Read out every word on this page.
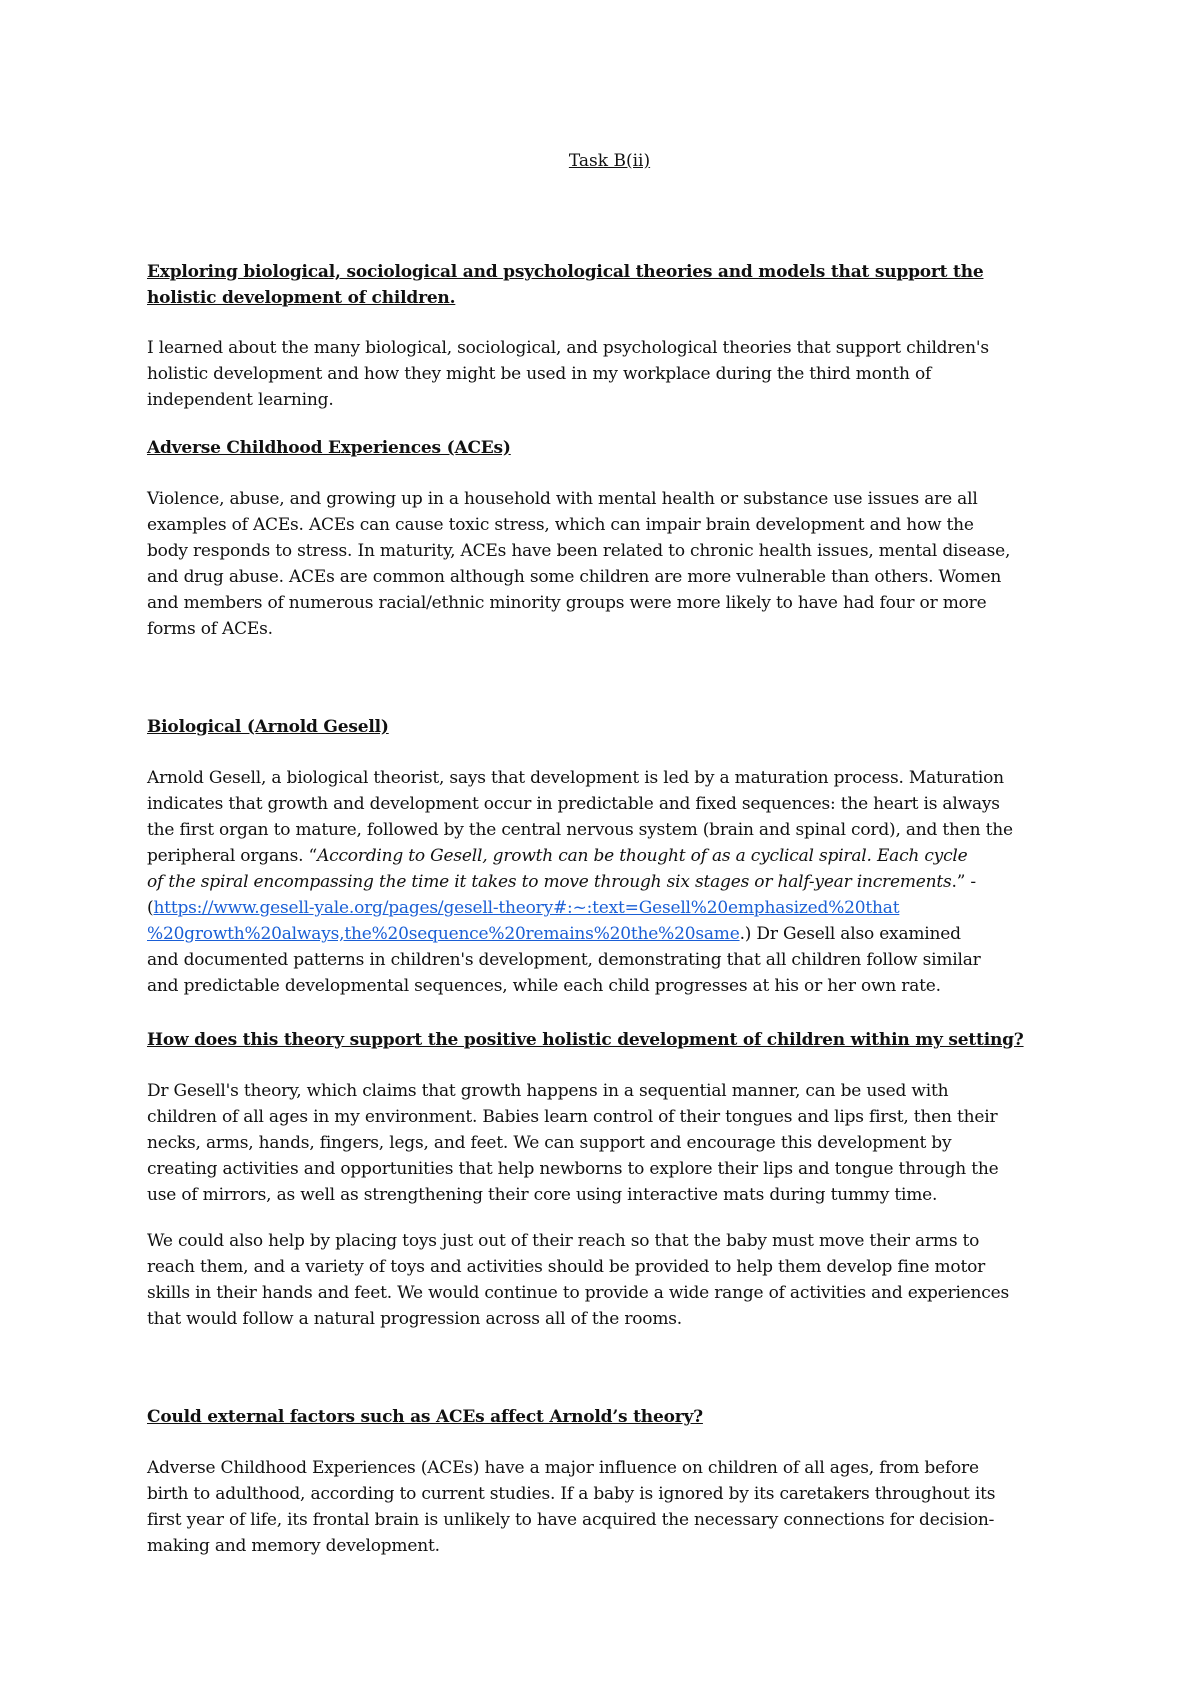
Task B(ii)
Exploring biological, sociological and psychological theories and models that support the
holistic development of children.
I learned about the many biological, sociological, and psychological theories that support children's
holistic development and how they might be used in my workplace during the third month of
independent learning.
Adverse Childhood Experiences (ACEs)
Violence, abuse, and growing up in a household with mental health or substance use issues are all
examples of ACEs. ACEs can cause toxic stress, which can impair brain development and how the
body responds to stress. In maturity, ACEs have been related to chronic health issues, mental disease,
and drug abuse. ACEs are common although some children are more vulnerable than others. Women
and members of numerous racial/ethnic minority groups were more likely to have had four or more
forms of ACEs.
Biological (Arnold Gesell)
Arnold Gesell, a biological theorist, says that development is led by a maturation process. Maturation
indicates that growth and development occur in predictable and fixed sequences: the heart is always
the first organ to mature, followed by the central nervous system (brain and spinal cord), and then the
peripheral organs. “According to Gesell, growth can be thought of as a cyclical spiral. Each cycle
of the spiral encompassing the time it takes to move through six stages or half-year increments.” -
(https://www.gesell-yale.org/pages/gesell-theory#:~:text=Gesell%20emphasized%20that
%20growth%20always,the%20sequence%20remains%20the%20same.) Dr Gesell also examined
and documented patterns in children's development, demonstrating that all children follow similar
and predictable developmental sequences, while each child progresses at his or her own rate.
How does this theory support the positive holistic development of children within my setting?
Dr Gesell's theory, which claims that growth happens in a sequential manner, can be used with
children of all ages in my environment. Babies learn control of their tongues and lips first, then their
necks, arms, hands, fingers, legs, and feet. We can support and encourage this development by
creating activities and opportunities that help newborns to explore their lips and tongue through the
use of mirrors, as well as strengthening their core using interactive mats during tummy time.
We could also help by placing toys just out of their reach so that the baby must move their arms to
reach them, and a variety of toys and activities should be provided to help them develop fine motor
skills in their hands and feet. We would continue to provide a wide range of activities and experiences
that would follow a natural progression across all of the rooms.
Could external factors such as ACEs affect Arnold’s theory?
Adverse Childhood Experiences (ACEs) have a major influence on children of all ages, from before
birth to adulthood, according to current studies. If a baby is ignored by its caretakers throughout its
first year of life, its frontal brain is unlikely to have acquired the necessary connections for decision-
making and memory development.
